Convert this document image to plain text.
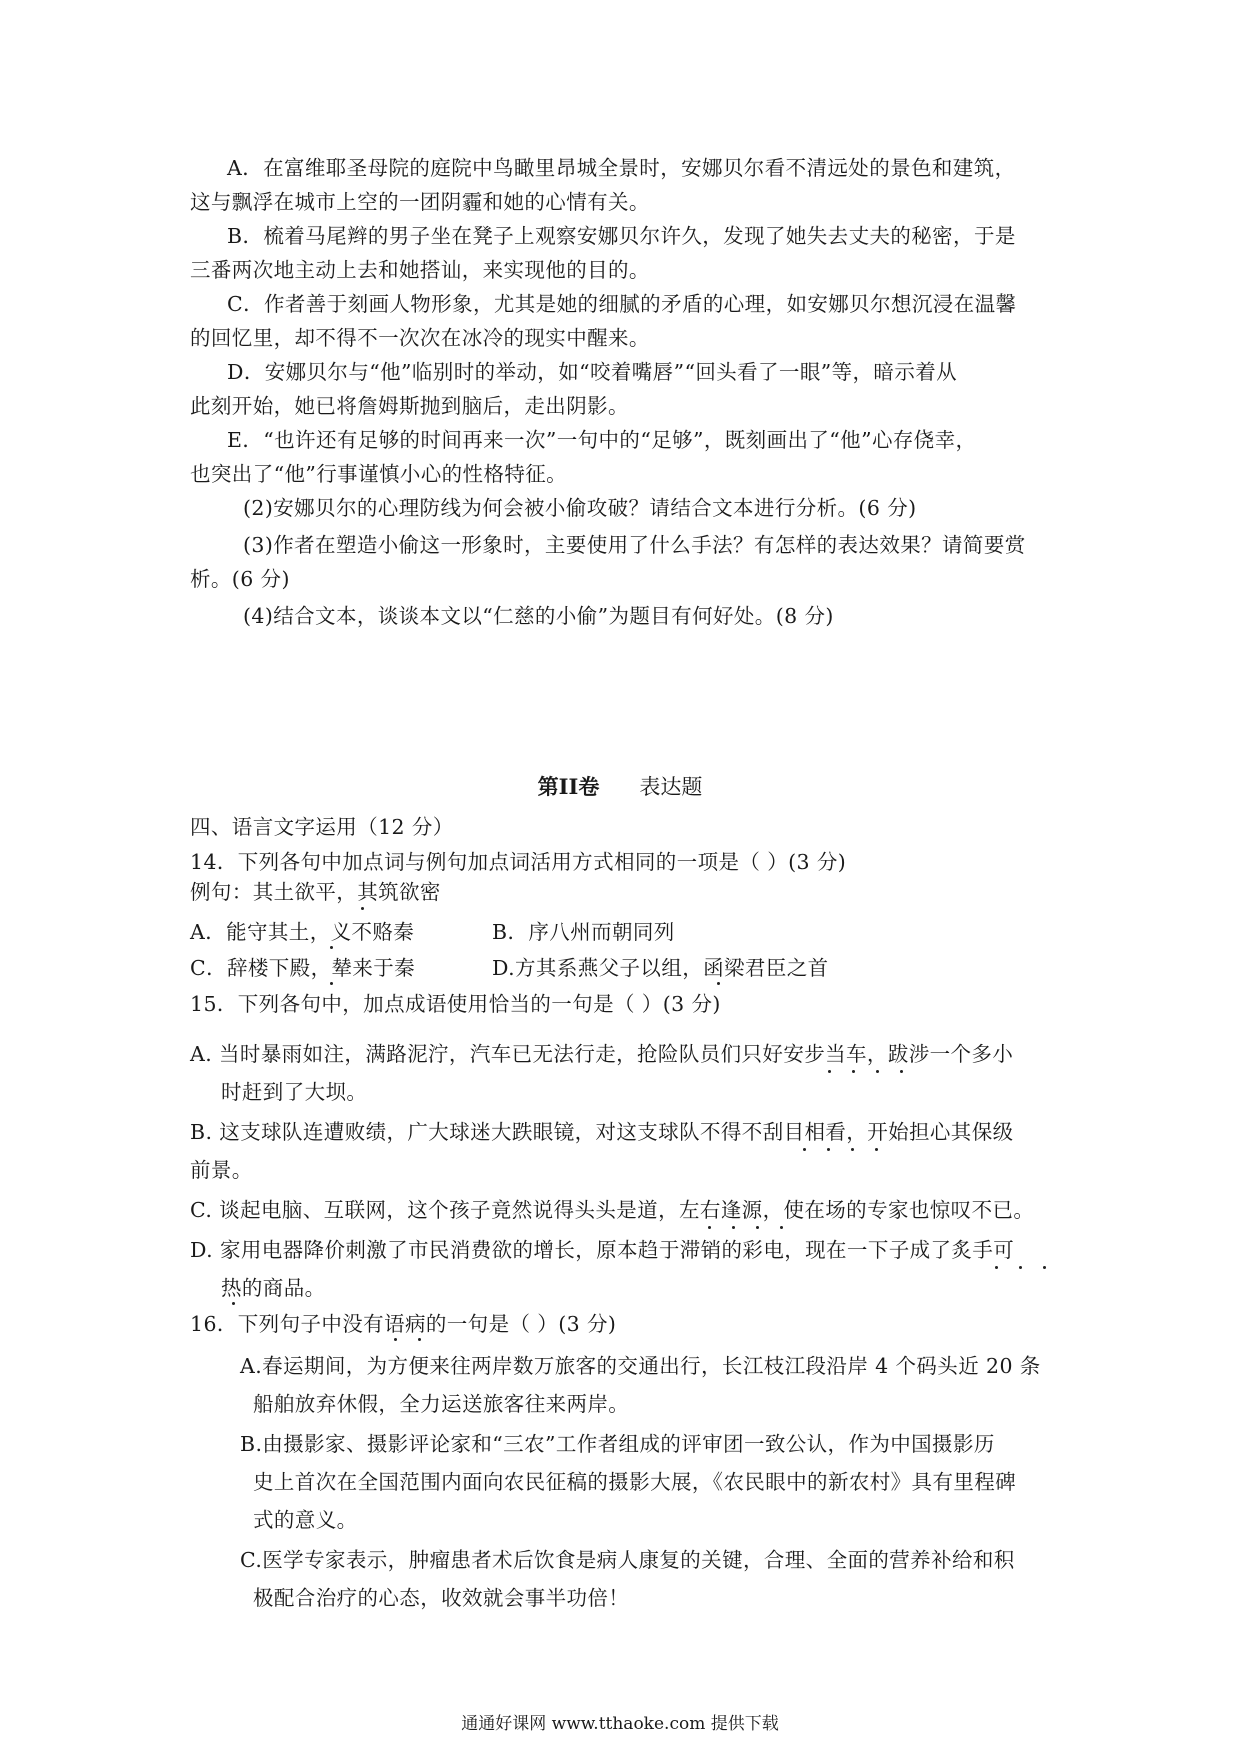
A．在富维耶圣母院的庭院中鸟瞰里昂城全景时，安娜贝尔看不清远处的景色和建筑，
这与飘浮在城市上空的一团阴霾和她的心情有关。
B．梳着马尾辫的男子坐在凳子上观察安娜贝尔许久，发现了她失去丈夫的秘密，于是
三番两次地主动上去和她搭讪，来实现他的目的。
C．作者善于刻画人物形象，尤其是她的细腻的矛盾的心理，如安娜贝尔想沉浸在温馨
的回忆里，却不得不一次次在冰冷的现实中醒来。
D．安娜贝尔与“他”临别时的举动，如“咬着嘴唇”“回头看了一眼”等，暗示着从
此刻开始，她已将詹姆斯抛到脑后，走出阴影。
E．“也许还有足够的时间再来一次”一句中的“足够”，既刻画出了“他”心存侥幸，
也突出了“他”行事谨慎小心的性格特征。
(2)安娜贝尔的心理防线为何会被小偷攻破？请结合文本进行分析。(6 分)
(3)作者在塑造小偷这一形象时，主要使用了什么手法？有怎样的表达效果？请简要赏
析。(6 分)
(4)结合文本，谈谈本文以“仁慈的小偷”为题目有何好处。(8 分)
第II卷 表达题
四、语言文字运用（12 分）
14．下列各句中加点词与例句加点词活用方式相同的一项是（ ）(3 分)
例句：其土欲平，其筑欲密
A．能守其土，义不赂秦	B．序八州而朝同列
C．辞楼下殿，辇来于秦	D.方其系燕父子以组，函梁君臣之首
15．下列各句中，加点成语使用恰当的一句是（ ）(3 分)
A. 当时暴雨如注，满路泥泞，汽车已无法行走，抢险队员们只好安步当车，跋涉一个多小
时赶到了大坝。
B. 这支球队连遭败绩，广大球迷大跌眼镜，对这支球队不得不刮目相看，开始担心其保级
前景。
C. 谈起电脑、互联网，这个孩子竟然说得头头是道，左右逢源，使在场的专家也惊叹不已。
D. 家用电器降价刺激了市民消费欲的增长，原本趋于滞销的彩电，现在一下子成了炙手可
热的商品。
16．下列句子中没有语病的一句是（ ）(3 分)
A.春运期间，为方便来往两岸数万旅客的交通出行，长江枝江段沿岸 4 个码头近 20 条
船舶放弃休假，全力运送旅客往来两岸。
B.由摄影家、摄影评论家和“三农”工作者组成的评审团一致公认，作为中国摄影历
史上首次在全国范围内面向农民征稿的摄影大展，《农民眼中的新农村》具有里程碑
式的意义。
C.医学专家表示，肿瘤患者术后饮食是病人康复的关键，合理、全面的营养补给和积
极配合治疗的心态，收效就会事半功倍！
通通好课网 www.tthaoke.com 提供下载
